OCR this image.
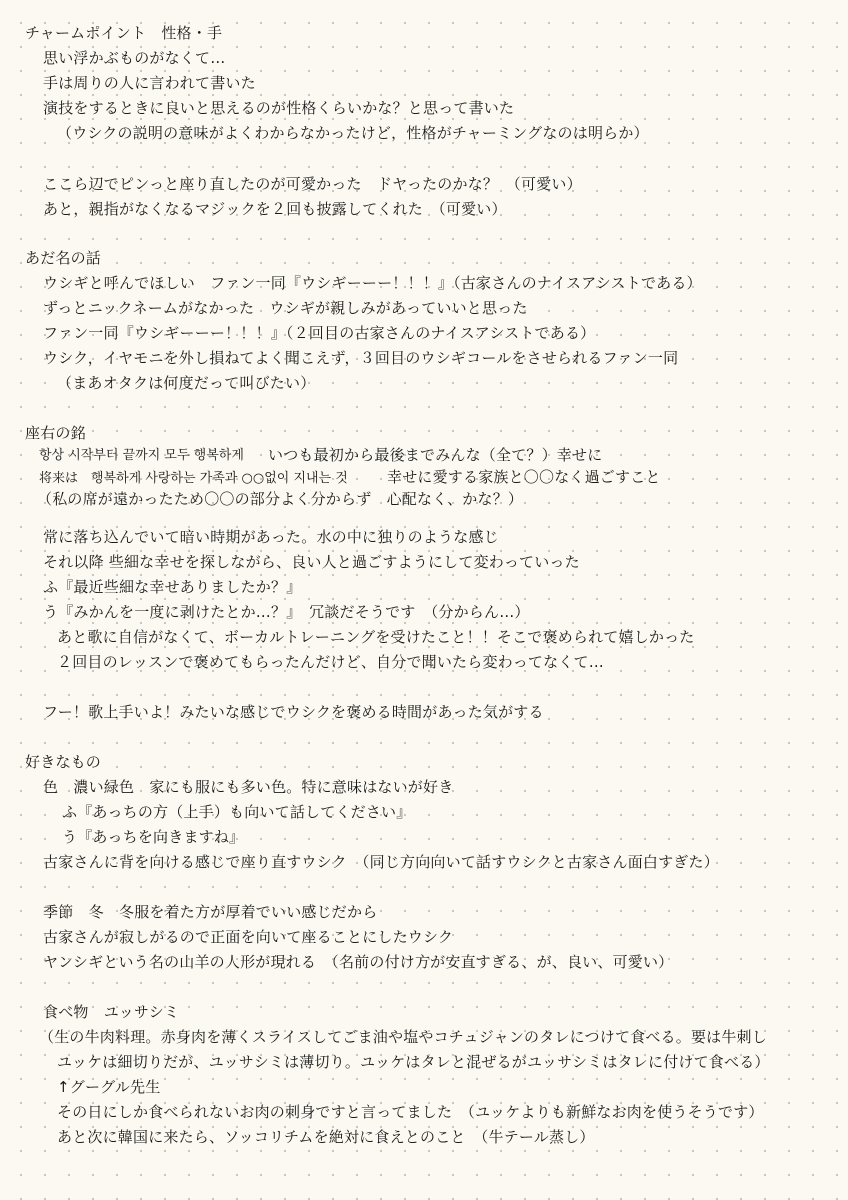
チャームポイント　性格・手
思い浮かぶものがなくて…
手は周りの人に言われて書いた
演技をするときに良いと思えるのが性格くらいかな？と思って書いた
（ウシクの説明の意味がよくわからなかったけど，性格がチャーミングなのは明らか）
ここら辺でピンっと座り直したのが可愛かった　ドヤったのかな？　（可愛い）
あと，親指がなくなるマジックを２回も披露してくれた　（可愛い）
あだ名の話
ウシギと呼んでほしい　ファン一同『ウシギーーー！！！』（古家さんのナイスアシストである）
ずっとニックネームがなかった　ウシギが親しみがあっていいと思った
ファン一同『ウシギーーー！！！』（２回目の古家さんのナイスアシストである）
ウシク，イヤモニを外し損ねてよく聞こえず，３回目のウシギコールをさせられるファン一同
（まあオタクは何度だって叫びたい）
座右の銘
항상 시작부터 끝까지 모두 행복하게 いつも最初から最後までみんな（全て？）幸せに
将来は　행복하게 사랑하는 가족과 ○○없이 지내는 것	幸せに愛する家族と〇〇なく過ごすこと
（私の席が遠かったため〇〇の部分よく分からず　心配なく、かな？）
常に落ち込んでいて暗い時期があった。水の中に独りのような感じ
それ以降 些細な幸せを探しながら、良い人と過ごすようにして変わっていった
ふ『最近些細な幸せありましたか？』
う『みかんを一度に剥けたとか…？』　冗談だそうです　（分からん…）
あと歌に自信がなくて、ボーカルトレーニングを受けたこと！！そこで褒められて嬉しかった
２回目のレッスンで褒めてもらったんだけど、自分で聞いたら変わってなくて…
フー！歌上手いよ！みたいな感じでウシクを褒める時間があった気がする
好きなもの
色　濃い緑色　家にも服にも多い色。特に意味はないが好き
ふ『あっちの方（上手）も向いて話してください』
う『あっちを向きますね』
古家さんに背を向ける感じで座り直すウシク　（同じ方向向いて話すウシクと古家さん面白すぎた）
季節　冬　冬服を着た方が厚着でいい感じだから
古家さんが寂しがるので正面を向いて座ることにしたウシク
ヤンシギという名の山羊の人形が現れる　（名前の付け方が安直すぎる、が、良い、可愛い）
食べ物　ユッサシミ
（生の牛肉料理。赤身肉を薄くスライスしてごま油や塩やコチュジャンのタレにつけて食べる。要は牛刺し
ユッケは細切りだが、ユッサシミは薄切り。ユッケはタレと混ぜるがユッサシミはタレに付けて食べる）
↑グーグル先生
その日にしか食べられないお肉の刺身ですと言ってました　（ユッケよりも新鮮なお肉を使うそうです）
あと次に韓国に来たら、ソッコリチムを絶対に食えとのこと　（牛テール蒸し）
